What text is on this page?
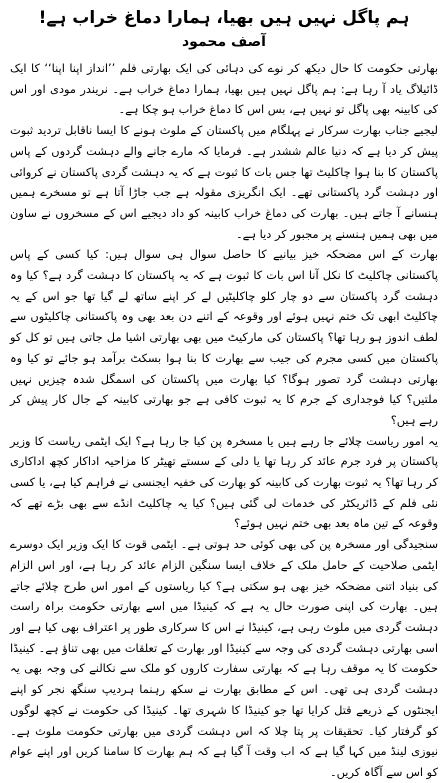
ہم پاگل نہیں ہیں بھیا، ہمارا دماغ خراب ہے!
آصف محمود

بھارتی حکومت کا حال دیکھ کر نوے کی دہائی کی ایک بھارتی فلم ’’انداز اپنا اپنا‘‘ کا ایک ڈائیلاگ یاد آ رہا ہے: ہم پاگل نہیں ہیں بھیا، ہمارا دماغ خراب ہے۔ نریندر مودی اور اس کی کابینہ بھی پاگل تو نہیں ہے، بس اس کا دماغ خراب ہو چکا ہے۔

لیجیے جناب بھارت سرکار نے پہلگام میں پاکستان کے ملوث ہونے کا ایسا ناقابل تردید ثبوت پیش کر دیا ہے کہ دنیا عالم ششدر ہے۔ فرمایا کہ مارے جانے والے دہشت گردوں کے پاس پاکستان کا بنا ہوا چاکلیٹ تھا جس بات کا ثبوت ہے کہ یہ دہشت گردی پاکستان نے کروائی اور دہشت گرد پاکستانی تھے۔ ایک انگریزی مقولہ ہے جب جاڑا آتا ہے تو مسخرے ہمیں ہنسانے آ جاتے ہیں۔ بھارت کی دماغ خراب کابینہ کو داد دیجیے اس کے مسخروں نے ساون میں بھی ہمیں ہنسنے پر مجبور کر دیا ہے۔

بھارت کے اس مضحکہ خیز بیانیے کا حاصل سوال ہی سوال ہیں: کیا کسی کے پاس پاکستانی چاکلیٹ کا نکل آنا اس بات کا ثبوت ہے کہ یہ پاکستان کا دہشت گرد ہے؟ کیا وہ دہشت گرد پاکستان سے دو چار کلو چاکلیٹیں لے کر اپنے ساتھ لے گیا تھا جو اس کے یہ چاکلیٹ ابھی تک ختم نہیں ہوئے اور وقوعہ کے اتنے دن بعد بھی وہ پاکستانی چاکلیٹوں سے لطف اندوز ہو رہا تھا؟ پاکستان کی مارکیٹ میں بھی بھارتی اشیا مل جاتی ہیں تو کل کو پاکستان میں کسی مجرم کی جیب سے بھارت کا بنا ہوا بسکٹ برآمد ہو جائے تو کیا وہ بھارتی دہشت گرد تصور ہوگا؟ کیا بھارت میں پاکستان کی اسمگل شدہ چیزیں نہیں ملتیں؟ کیا فوجداری کے جرم کا یہ ثبوت کافی ہے جو بھارتی کابینہ کے جال کار پیش کر رہے ہیں؟

یہ امور ریاست چلائے جا رہے ہیں یا مسخرہ پن کیا جا رہا ہے؟ ایک ایٹمی ریاست کا وزیر پاکستان پر فرد جرم عائد کر رہا تھا یا دلی کے سستے تھیٹر کا مزاحیہ اداکار کچھ اداکاری کر رہا تھا؟ یہ ثبوت بھارت کی کابینہ کو بھارت کی خفیہ ایجنسی نے فراہم کیا ہے، یا کسی نئی فلم کے ڈائریکٹر کی خدمات لی گئی ہیں؟ کیا یہ چاکلیٹ انڈے سے بھی بڑے تھے کہ وقوعہ کے تین ماہ بعد بھی ختم نہیں ہوئے؟

سنجیدگی اور مسخرہ پن کی بھی کوئی حد ہوتی ہے۔ ایٹمی قوت کا ایک وزیر ایک دوسرے ایٹمی صلاحیت کے حامل ملک کے خلاف ایسا سنگین الزام عائد کر رہا ہے، اور اس الزام کی بنیاد اتنی مضحکہ خیز بھی ہو سکتی ہے؟ کیا ریاستوں کے امور اس طرح چلائے جاتے ہیں۔ بھارت کی اپنی صورت حال یہ ہے کہ کینیڈا میں اسے بھارتی حکومت براہ راست دہشت گردی میں ملوث رہی ہے، کینیڈا نے اس کا سرکاری طور پر اعتراف بھی کیا ہے اور اسی بھارتی دہشت گردی کی وجہ سے کینیڈا اور بھارت کے تعلقات میں بھی تناؤ ہے۔ کینیڈا حکومت کا یہ موقف رہا ہے کہ بھارتی سفارت کاروں کو ملک سے نکالنے کی وجہ بھی یہ دہشت گردی ہی تھی۔ اس کے مطابق بھارت نے سکھ رہنما ہردیپ سنگھ نجر کو اپنے ایجنٹوں کے ذریعے قتل کرایا تھا جو کینیڈا کا شہری تھا۔ کینیڈا کی حکومت نے کچھ لوگوں کو گرفتار کیا۔ تحقیقات پر پتا چلا کہ اس دہشت گردی میں بھارتی حکومت ملوث ہے۔ نیوزی لینڈ میں کہا گیا ہے کہ اب وقت آ گیا ہے کہ ہم بھارت کا سامنا کریں اور اپنے عوام کو اس سے آگاہ کریں۔
